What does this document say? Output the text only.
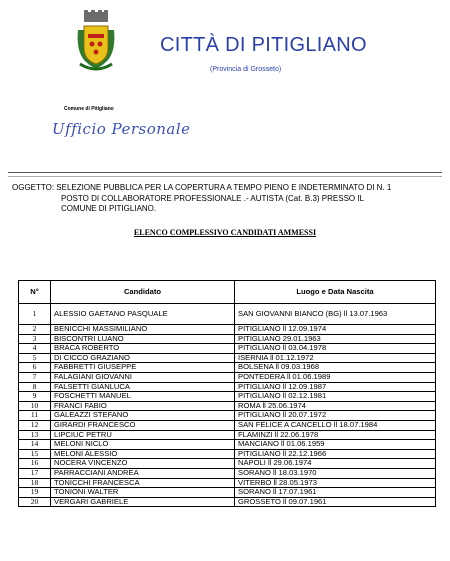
CITTÀ DI PITIGLIANO
(Provincia di Grosseto)
Comune di Pitigliano
Ufficio Personale
OGGETTO: SELEZIONE PUBBLICA PER LA COPERTURA A TEMPO PIENO E INDETERMINATO DI N. 1
POSTO DI COLLABORATORE PROFESSIONALE .- AUTISTA (Cat. B.3) PRESSO IL
COMUNE DI PITIGLIANO.
ELENCO COMPLESSIVO CANDIDATI AMMESSI
N°	Candidato	Luogo e Data Nascita
1	ALESSIO GAETANO PASQUALE	SAN GIOVANNI BIANCO (BG) ll 13.07.1963
2	BENICCHI MASSIMILIANO	PITIGLIANO ll 12.09.1974
3	BISCONTRI LUANO	PITIGLIANO 29.01.1963
4	BRACA ROBERTO	PITIGLIANO ll 03.04.1978
5	DI CICCO GRAZIANO	ISERNIA ll 01.12.1972
6	FABBRETTI GIUSEPPE	BOLSENA ll 09.03.1968
7	FALAGIANI GIOVANNI	PONTEDERA ll 01.06.1989
8	FALSETTI GIANLUCA	PITIGLIANO ll 12.09.1987
9	FOSCHETTI MANUEL	PITIGLIANO ll 02.12.1981
10	FRANCI FABIO	ROMA ll 25.06.1974
11	GALEAZZI STEFANO	PITIGLIANO ll 20.07.1972
12	GIRARDI FRANCESCO	SAN FELICE A CANCELLO ll 18.07.1984
13	LIPCIUC PETRU	FLAMINZI ll 22.06.1978
14	MELONI NICLO	MANCIANO ll 01.06.1959
15	MELONI ALESSIO	PITIGLIANO ll 22.12.1966
16	NOCERA VINCENZO	NAPOLI ll 29.06.1974
17	PARRACCIANI ANDREA	SORANO ll 18.03.1970
18	TONICCHI FRANCESCA	VITERBO ll 28.05.1973
19	TONIONI WALTER	SORANO ll 17.07.1961
20	VERGARI GABRIELE	GROSSETO ll 09.07.1961
